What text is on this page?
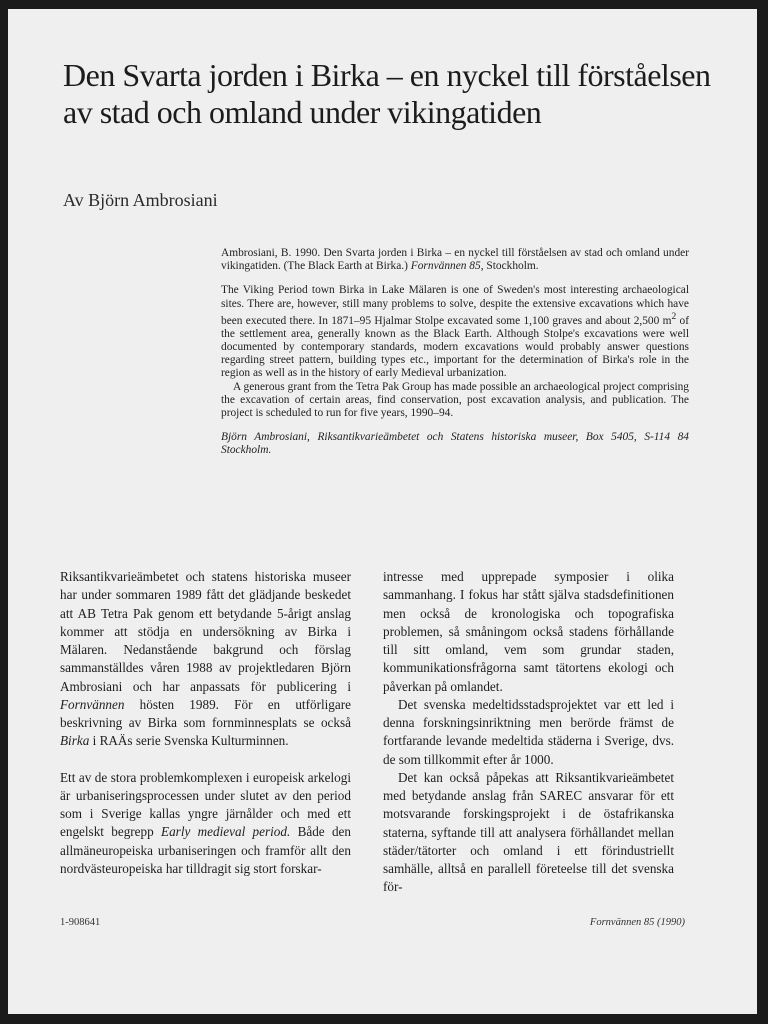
Den Svarta jorden i Birka – en nyckel till förståelsen av stad och omland under vikingatiden

Av Björn Ambrosiani

Ambrosiani, B. 1990. Den Svarta jorden i Birka – en nyckel till förståelsen av stad och omland under vikingatiden. (The Black Earth at Birka.) Fornvännen 85, Stockholm.

The Viking Period town Birka in Lake Mälaren is one of Sweden's most interesting archaeological sites. There are, however, still many problems to solve, despite the extensive excavations which have been executed there. In 1871–95 Hjalmar Stolpe excavated some 1,100 graves and about 2,500 $m^2$ of the settlement area, generally known as the Black Earth. Although Stolpe's excavations were well documented by contemporary standards, modern excavations would probably answer questions regarding street pattern, building types etc., important for the determination of Birka's role in the region as well as in the history of early Medieval urbanization.

A generous grant from the Tetra Pak Group has made possible an archaeological project comprising the excavation of certain areas, find conservation, post excavation analysis, and publication. The project is scheduled to run for five years, 1990–94.

Björn Ambrosiani, Riksantikvarieämbetet och Statens historiska museer, Box 5405, S-114 84 Stockholm.

Riksantikvarieämbetet och statens historiska museer har under sommaren 1989 fått det glädjande beskedet att AB Tetra Pak genom ett betydande 5-årigt anslag kommer att stödja en undersökning av Birka i Mälaren. Nedanstående bakgrund och förslag sammanställdes våren 1988 av projektledaren Björn Ambrosiani och har anpassats för publicering i Fornvännen hösten 1989. För en utförligare beskrivning av Birka som fornminnesplats se också Birka i RAÄs serie Svenska Kulturminnen.

Ett av de stora problemkomplexen i europeisk arkelogi är urbaniseringsprocessen under slutet av den period som i Sverige kallas yngre järnålder och med ett engelskt begrepp Early medieval period. Både den allmäneuropeiska urbaniseringen och framför allt den nordvästeuropeiska har tilldragit sig stort forskar-

intresse med upprepade symposier i olika sammanhang. I fokus har stått själva stadsdefinitionen men också de kronologiska och topografiska problemen, så småningom också stadens förhållande till sitt omland, vem som grundar staden, kommunikationsfrågorna samt tätortens ekologi och påverkan på omlandet.

Det svenska medeltidsstadsprojektet var ett led i denna forskningsinriktning men berörde främst de fortfarande levande medeltida städerna i Sverige, dvs. de som tillkommit efter år 1000.

Det kan också påpekas att Riksantikvarieämbetet med betydande anslag från SAREC ansvarar för ett motsvarande forskingsprojekt i de östafrikanska staterna, syftande till att analysera förhållandet mellan städer/tätorter och omland i ett förindustriellt samhälle, alltså en parallell företeelse till det svenska för-

1-908641	Fornvännen 85 (1990)
